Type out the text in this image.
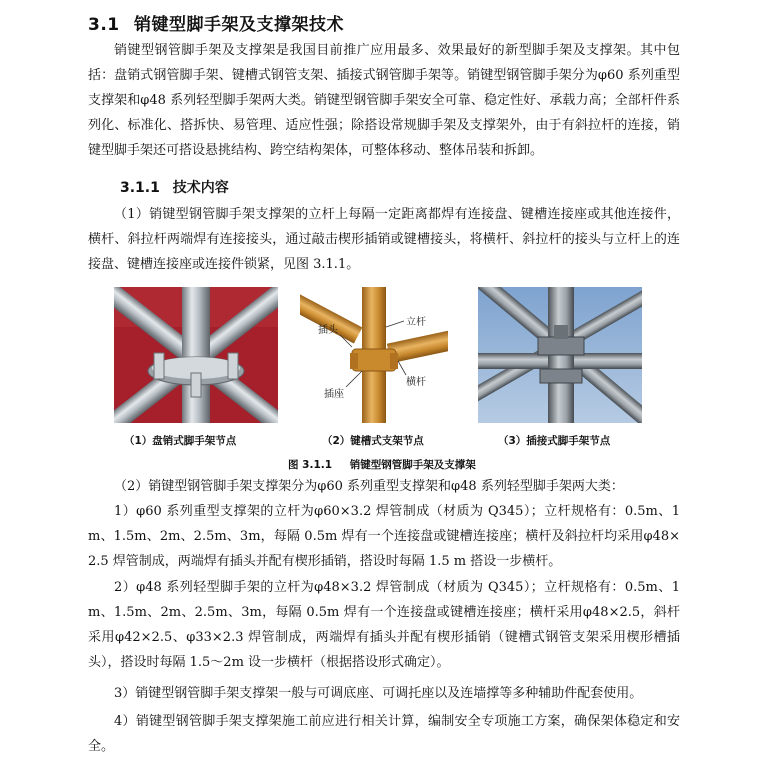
3.1 销键型脚手架及支撑架技术

销键型钢管脚手架及支撑架是我国目前推广应用最多、效果最好的新型脚手架及支撑架。其中包括：盘销式钢管脚手架、键槽式钢管支架、插接式钢管脚手架等。销键型钢管脚手架分为φ60 系列重型支撑架和φ48 系列轻型脚手架两大类。销键型钢管脚手架安全可靠、稳定性好、承载力高；全部杆件系列化、标准化、搭拆快、易管理、适应性强；除搭设常规脚手架及支撑架外，由于有斜拉杆的连接，销键型脚手架还可搭设悬挑结构、跨空结构架体，可整体移动、整体吊装和拆卸。

3.1.1 技术内容

（1）销键型钢管脚手架支撑架的立杆上每隔一定距离都焊有连接盘、键槽连接座或其他连接件，横杆、斜拉杆两端焊有连接接头，通过敲击楔形插销或键槽接头，将横杆、斜拉杆的接头与立杆上的连接盘、键槽连接座或连接件锁紧，见图 3.1.1。

立杆
插头
横杆
插座
（1）盘销式脚手架节点	（2）键槽式支架节点	（3）插接式脚手架节点
图 3.1.1 销键型钢管脚手架及支撑架

（2）销键型钢管脚手架支撑架分为φ60 系列重型支撑架和φ48 系列轻型脚手架两大类：

1）φ60 系列重型支撑架的立杆为φ60×3.2 焊管制成（材质为 Q345）；立杆规格有：0.5m、1m、1.5m、2m、2.5m、3m，每隔 0.5m 焊有一个连接盘或键槽连接座；横杆及斜拉杆均采用φ48×2.5 焊管制成，两端焊有插头并配有楔形插销，搭设时每隔 1.5 m 搭设一步横杆。

2）φ48 系列轻型脚手架的立杆为φ48×3.2 焊管制成（材质为 Q345）；立杆规格有：0.5m、1m、1.5m、2m、2.5m、3m，每隔 0.5m 焊有一个连接盘或键槽连接座；横杆采用φ48×2.5，斜杆采用φ42×2.5、φ33×2.3 焊管制成，两端焊有插头并配有楔形插销（键槽式钢管支架采用楔形槽插头），搭设时每隔 1.5～2m 设一步横杆（根据搭设形式确定）。

3）销键型钢管脚手架支撑架一般与可调底座、可调托座以及连墙撑等多种辅助件配套使用。

4）销键型钢管脚手架支撑架施工前应进行相关计算，编制安全专项施工方案，确保架体稳定和安全。
